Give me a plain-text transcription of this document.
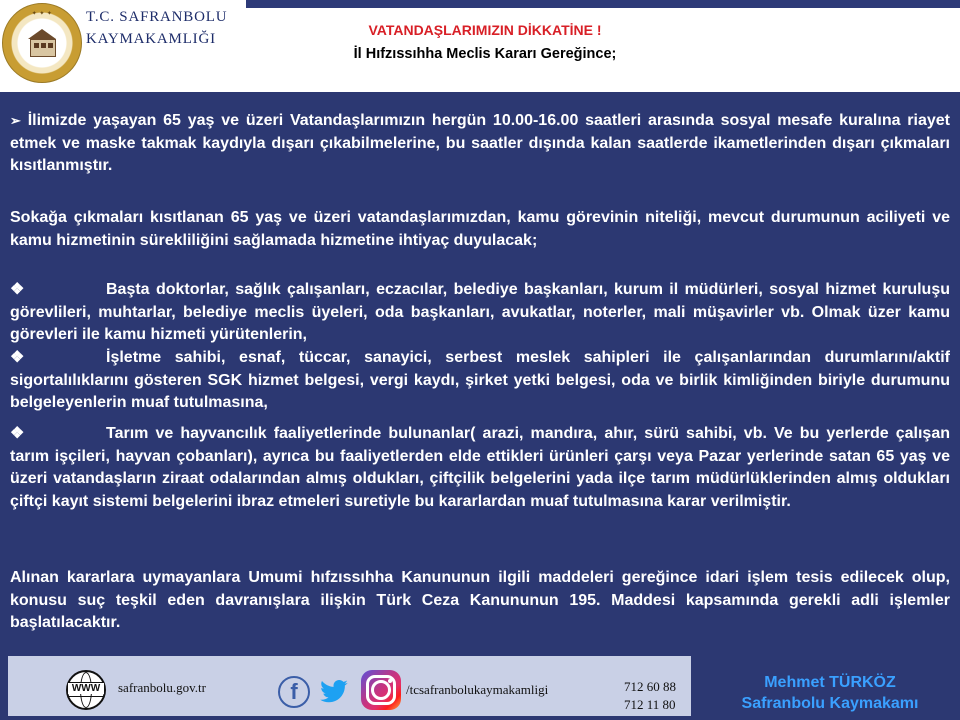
✦ ✦ ✦	T.C. SAFRANBOLU
KAYMAKAMLIĞI
VATANDAŞLARIMIZIN DİKKATİNE !
İl Hıfzıssıhha Meclis Kararı Gereğince;
➢ İlimizde yaşayan 65 yaş ve üzeri Vatandaşlarımızın hergün 10.00-16.00 saatleri arasında sosyal mesafe kuralına riayet etmek ve maske takmak kaydıyla dışarı çıkabilmelerine, bu saatler dışında kalan saatlerde ikametlerinden dışarı çıkmaları kısıtlanmıştır.
Sokağa çıkmaları kısıtlanan 65 yaş ve üzeri vatandaşlarımızdan, kamu görevinin niteliği, mevcut durumunun aciliyeti ve kamu hizmetinin sürekliliğini sağlamada hizmetine ihtiyaç duyulacak;
❖	Başta doktorlar, sağlık çalışanları, eczacılar, belediye başkanları, kurum il müdürleri, sosyal hizmet kuruluşu görevlileri, muhtarlar, belediye meclis üyeleri, oda başkanları, avukatlar, noterler, mali müşavirler vb. Olmak üzer kamu görevleri ile kamu hizmeti yürütenlerin,
❖	İşletme sahibi, esnaf, tüccar, sanayici, serbest meslek sahipleri ile çalışanlarından durumlarını/aktif sigortalılıklarını gösteren SGK hizmet belgesi, vergi kaydı, şirket yetki belgesi, oda ve birlik kimliğinden biriyle durumunu belgeleyenlerin muaf tutulmasına,
❖	Tarım ve hayvancılık faaliyetlerinde bulunanlar( arazi, mandıra, ahır, sürü sahibi, vb. Ve bu yerlerde çalışan tarım işçileri, hayvan çobanları), ayrıca bu faaliyetlerden elde ettikleri ürünleri çarşı veya Pazar yerlerinde satan 65 yaş ve üzeri vatandaşların ziraat odalarından almış oldukları, çiftçilik belgelerini yada ilçe tarım müdürlüklerinden almış oldukları çiftçi kayıt sistemi belgelerini ibraz etmeleri suretiyle bu kararlardan muaf tutulmasına karar verilmiştir.
Alınan kararlara uymayanlara Umumi hıfzıssıhha Kanununun ilgili maddeleri gereğince idari işlem tesis edilecek olup, konusu suç teşkil eden davranışlara ilişkin Türk Ceza Kanununun 195. Maddesi kapsamında gerekli adli işlemler başlatılacaktır.
WWW safranbolu.gov.tr	f	/tcsafranbolukaymakamligi	712 60 88
712 11 80
Mehmet TÜRKÖZ
Safranbolu Kaymakamı
